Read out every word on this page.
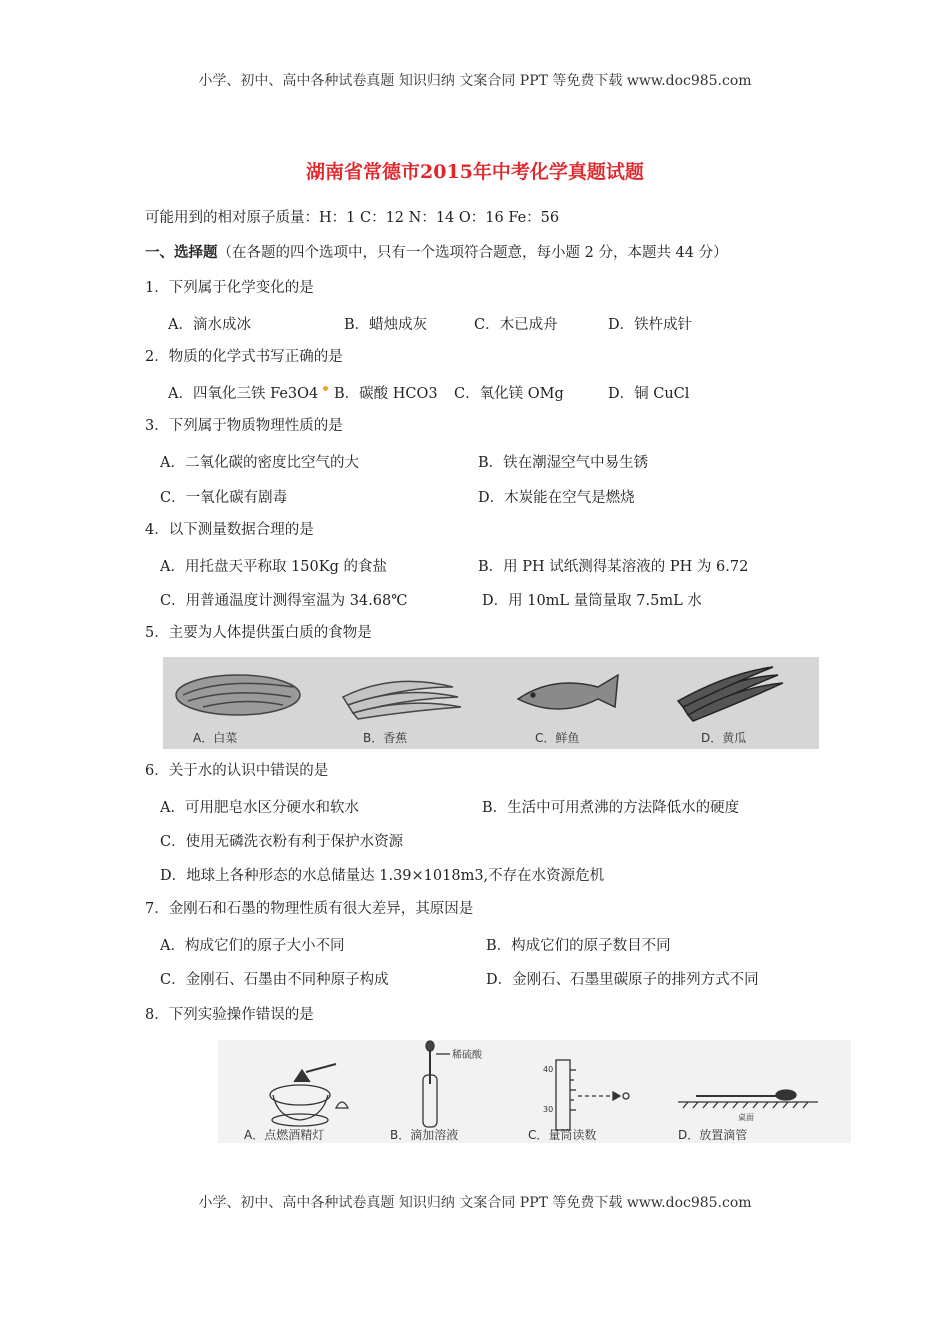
小学、初中、高中各种试卷真题 知识归纳 文案合同 PPT 等免费下载 www.doc985.com
湖南省常德市2015年中考化学真题试题
可能用到的相对原子质量：H：1 C：12 N：14 O：16 Fe：56
一、选择题（在各题的四个选项中，只有一个选项符合题意，每小题 2 分，本题共 44 分）
1．下列属于化学变化的是
A．滴水成冰	B．蜡烛成灰	C．木已成舟	D．铁杵成针
2．物质的化学式书写正确的是
A．四氧化三铁 Fe3O4 B．碳酸 HCO3 C．氧化镁 OMg	D．铜 CuCl
3．下列属于物质物理性质的是
A．二氧化碳的密度比空气的大	B．铁在潮湿空气中易生锈
C．一氧化碳有剧毒	D．木炭能在空气是燃烧
4．以下测量数据合理的是
A．用托盘天平称取 150Kg 的食盐	B．用 PH 试纸测得某溶液的 PH 为 6.72
C．用普通温度计测得室温为 34.68℃	D．用 10mL 量筒量取 7.5mL 水
5．主要为人体提供蛋白质的食物是
A．白菜	B．香蕉	C．鲜鱼	D．黄瓜
6．关于水的认识中错误的是
A．可用肥皂水区分硬水和软水	B．生活中可用煮沸的方法降低水的硬度
C．使用无磷洗衣粉有利于保护水资源
D．地球上各种形态的水总储量达 1.39×1018m3,不存在水资源危机
7．金刚石和石墨的物理性质有很大差异，其原因是
A．构成它们的原子大小不同	B．构成它们的原子数目不同
C．金刚石、石墨由不同种原子构成	D．金刚石、石墨里碳原子的排列方式不同
8．下列实验操作错误的是
稀硫酸
40
30
桌面
A．点燃酒精灯	B．滴加溶液	C．量筒读数	D．放置滴管
小学、初中、高中各种试卷真题 知识归纳 文案合同 PPT 等免费下载 www.doc985.com
